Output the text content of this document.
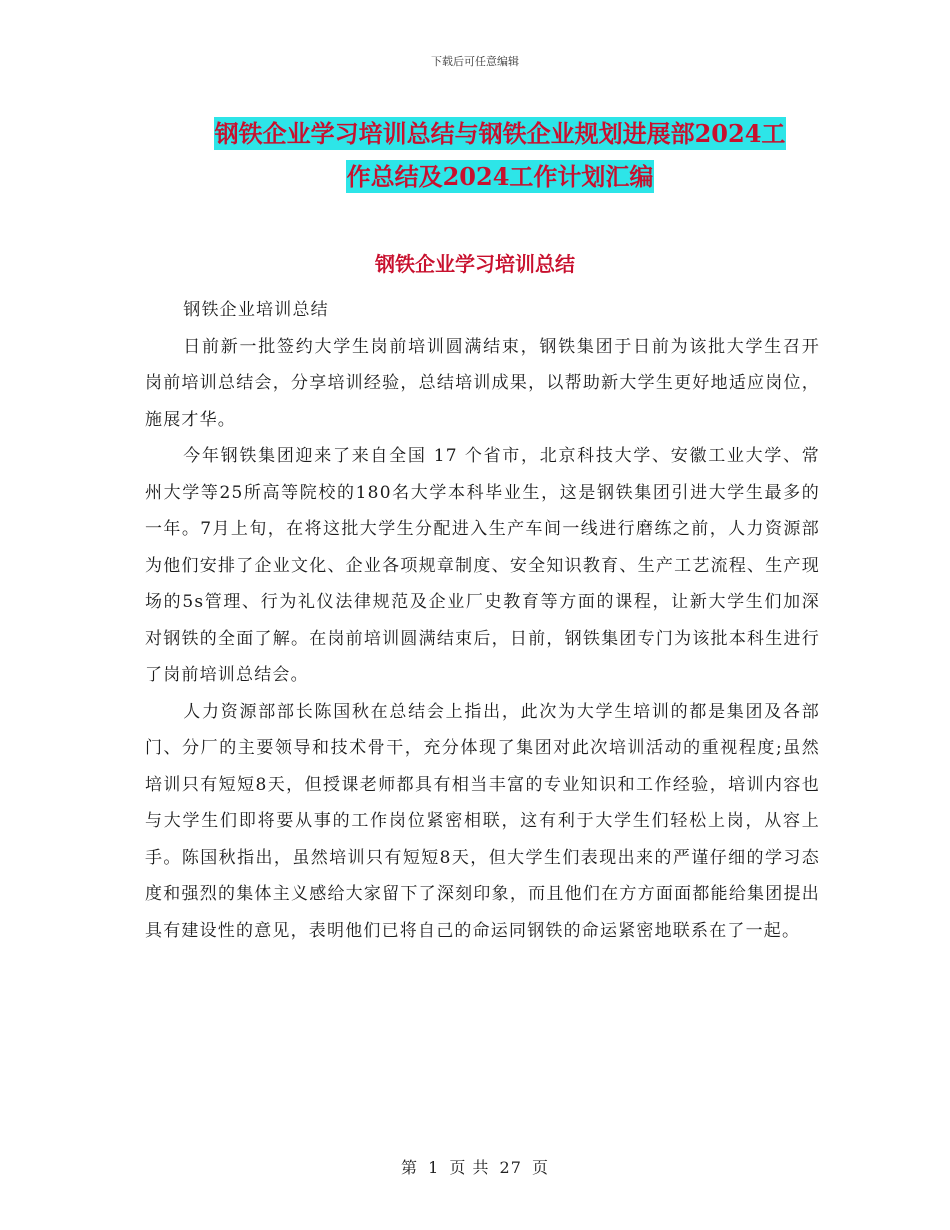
下载后可任意编辑
钢铁企业学习培训总结与钢铁企业规划进展部2024工
作总结及2024工作计划汇编
钢铁企业学习培训总结

钢铁企业培训总结

日前新一批签约大学生岗前培训圆满结束，钢铁集团于日前为该批大学生召开岗前培训总结会，分享培训经验，总结培训成果，以帮助新大学生更好地适应岗位，施展才华。

今年钢铁集团迎来了来自全国 17 个省市，北京科技大学、安徽工业大学、常州大学等25所高等院校的180名大学本科毕业生，这是钢铁集团引进大学生最多的一年。7月上旬，在将这批大学生分配进入生产车间一线进行磨练之前，人力资源部为他们安排了企业文化、企业各项规章制度、安全知识教育、生产工艺流程、生产现场的5s管理、行为礼仪法律规范及企业厂史教育等方面的课程，让新大学生们加深对钢铁的全面了解。在岗前培训圆满结束后，日前，钢铁集团专门为该批本科生进行了岗前培训总结会。

人力资源部部长陈国秋在总结会上指出，此次为大学生培训的都是集团及各部门、分厂的主要领导和技术骨干，充分体现了集团对此次培训活动的重视程度;虽然培训只有短短8天，但授课老师都具有相当丰富的专业知识和工作经验，培训内容也与大学生们即将要从事的工作岗位紧密相联，这有利于大学生们轻松上岗，从容上手。陈国秋指出，虽然培训只有短短8天，但大学生们表现出来的严谨仔细的学习态度和强烈的集体主义感给大家留下了深刻印象，而且他们在方方面面都能给集团提出具有建设性的意见，表明他们已将自己的命运同钢铁的命运紧密地联系在了一起。

第 1 页 共 27 页
